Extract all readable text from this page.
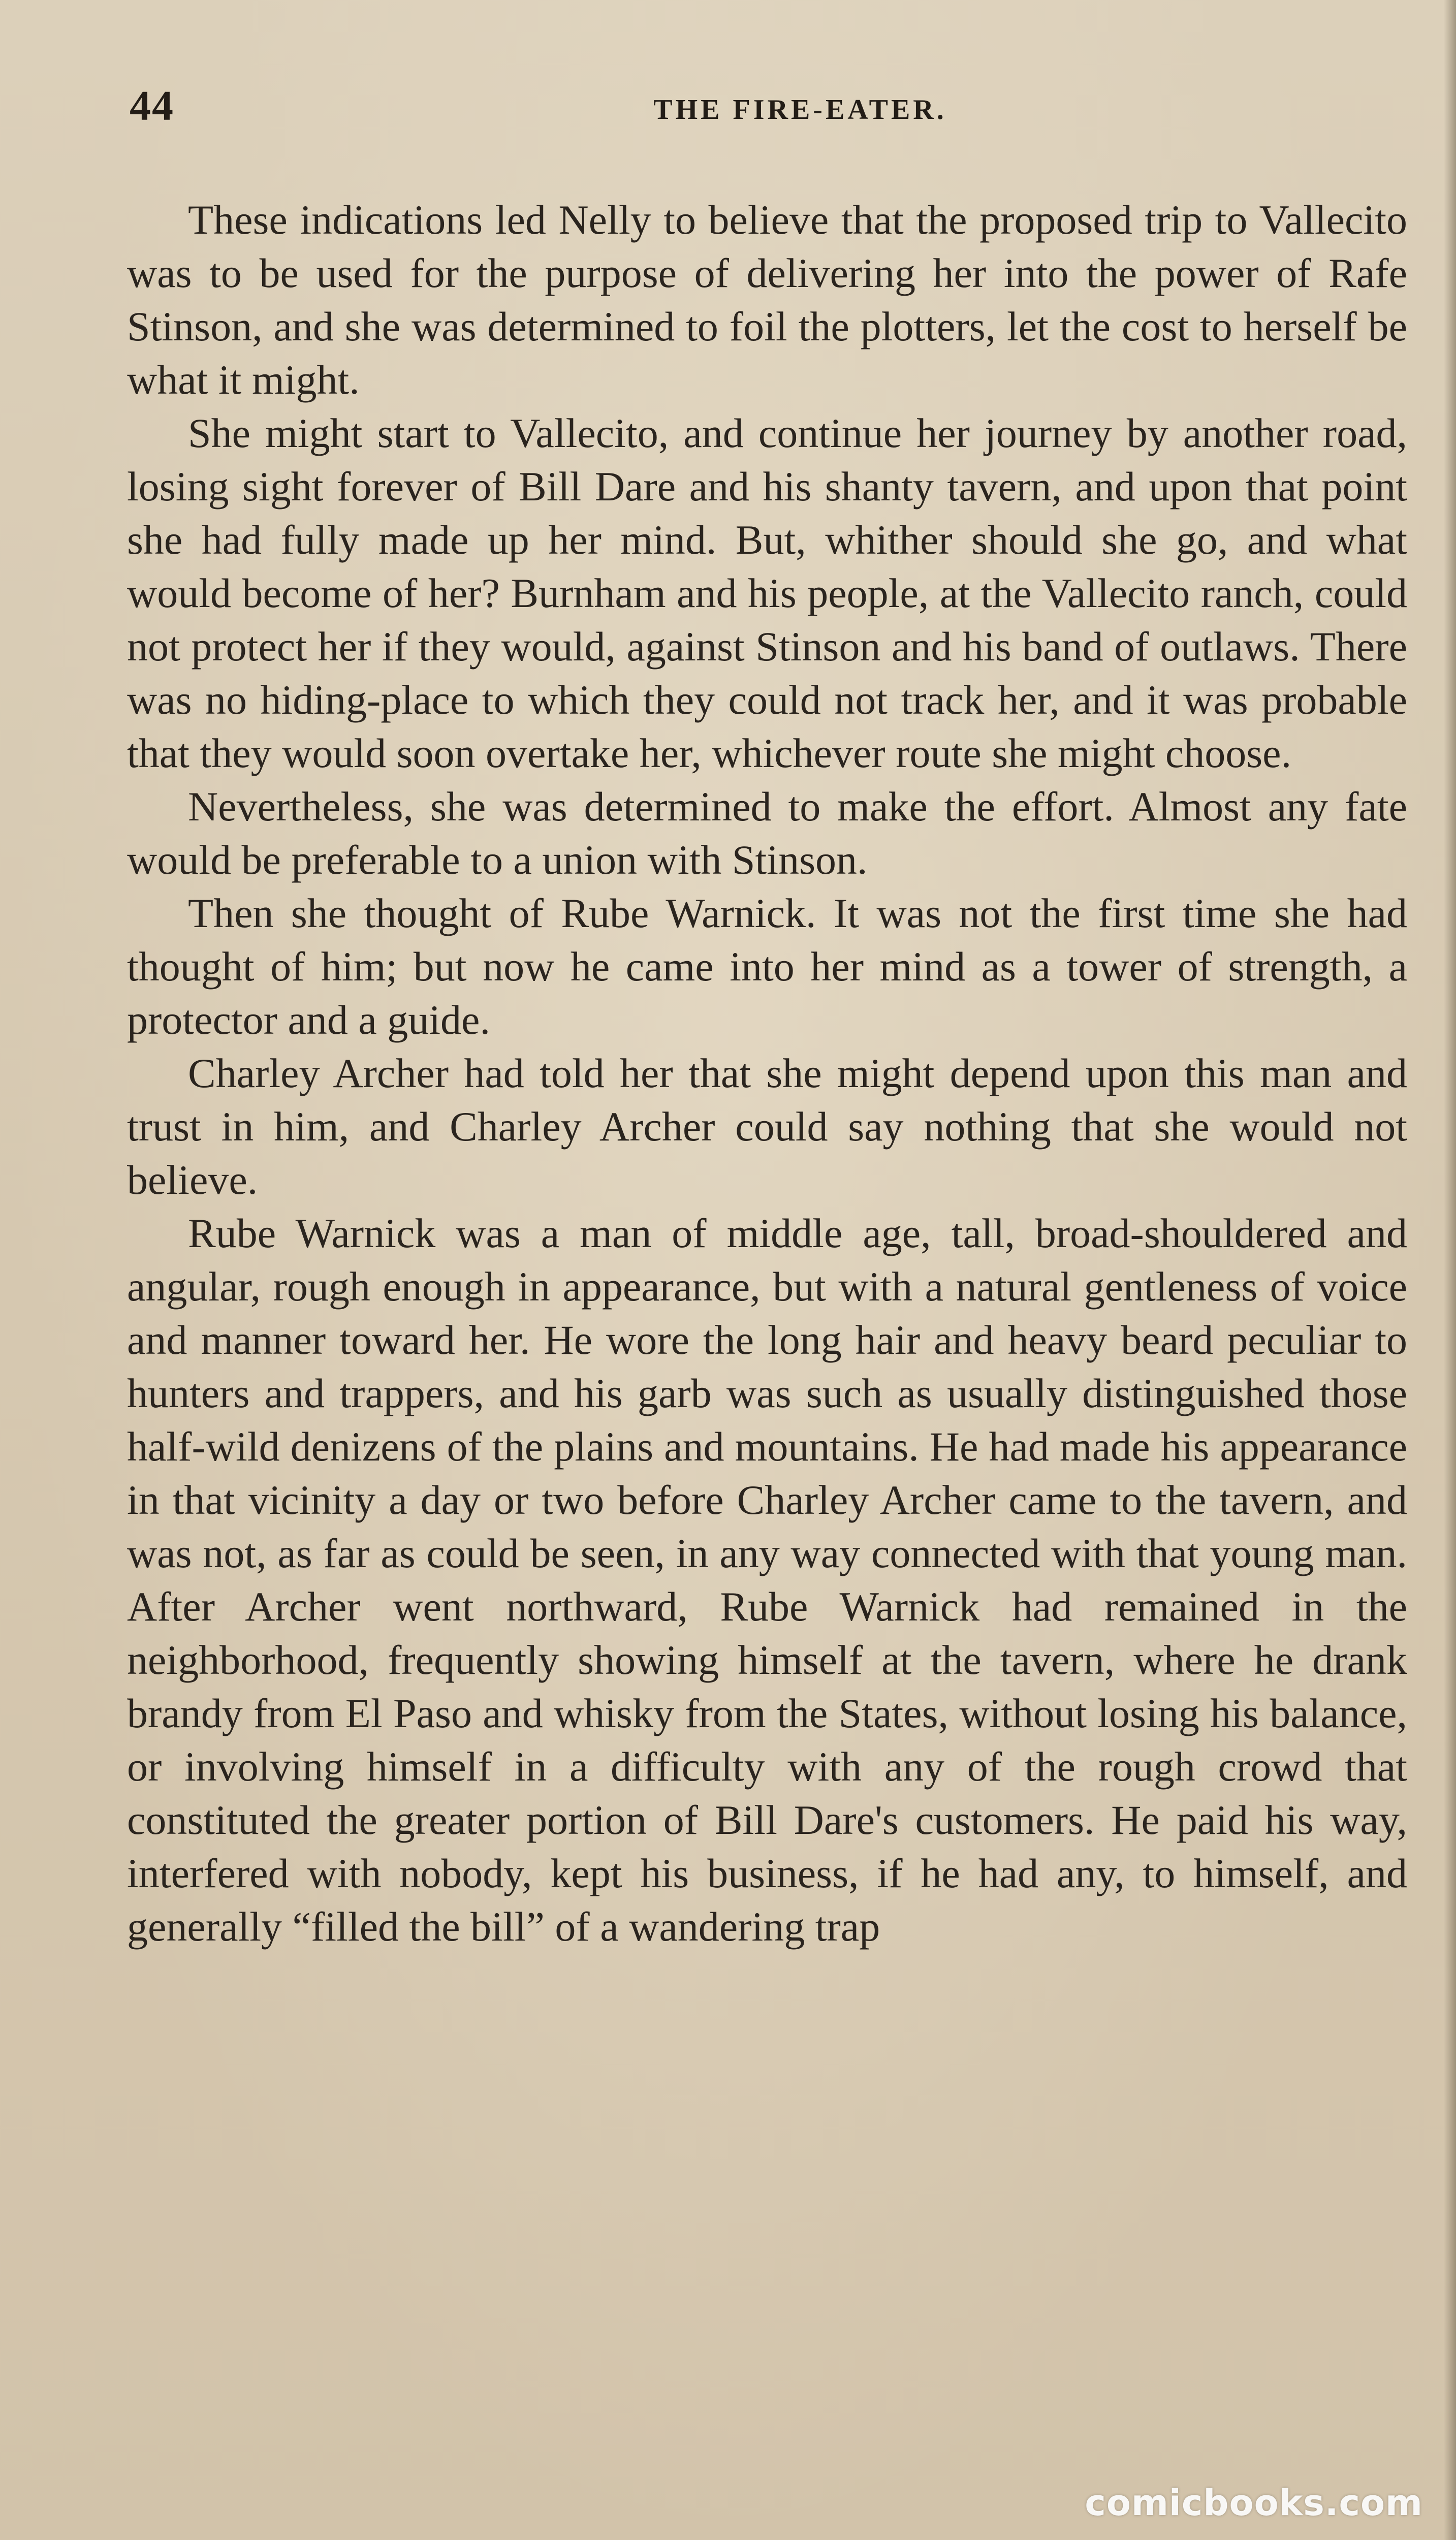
44	THE FIRE-EATER.

These indications led Nelly to believe that the proposed trip to Vallecito was to be used for the purpose of delivering her into the power of Rafe Stinson, and she was determined to foil the plotters, let the cost to herself be what it might.

She might start to Vallecito, and continue her journey by another road, losing sight forever of Bill Dare and his shanty tavern, and upon that point she had fully made up her mind. But, whither should she go, and what would become of her? Burnham and his people, at the Vallecito ranch, could not protect her if they would, against Stinson and his band of outlaws. There was no hiding-place to which they could not track her, and it was probable that they would soon overtake her, whichever route she might choose.

Nevertheless, she was determined to make the effort. Almost any fate would be preferable to a union with Stinson.

Then she thought of Rube Warnick. It was not the first time she had thought of him; but now he came into her mind as a tower of strength, a protector and a guide.

Charley Archer had told her that she might depend upon this man and trust in him, and Charley Archer could say nothing that she would not believe.

Rube Warnick was a man of middle age, tall, broad-shouldered and angular, rough enough in appearance, but with a natural gentleness of voice and manner toward her. He wore the long hair and heavy beard peculiar to hunters and trappers, and his garb was such as usually distinguished those half-wild denizens of the plains and mountains. He had made his appearance in that vicinity a day or two before Charley Archer came to the tavern, and was not, as far as could be seen, in any way connected with that young man. After Archer went northward, Rube Warnick had remained in the neighborhood, frequently showing himself at the tavern, where he drank brandy from El Paso and whisky from the States, without losing his balance, or involving himself in a difficulty with any of the rough crowd that constituted the greater portion of Bill Dare's customers. He paid his way, interfered with nobody, kept his business, if he had any, to himself, and generally “filled the bill” of a wandering trap

comicbooks.com
